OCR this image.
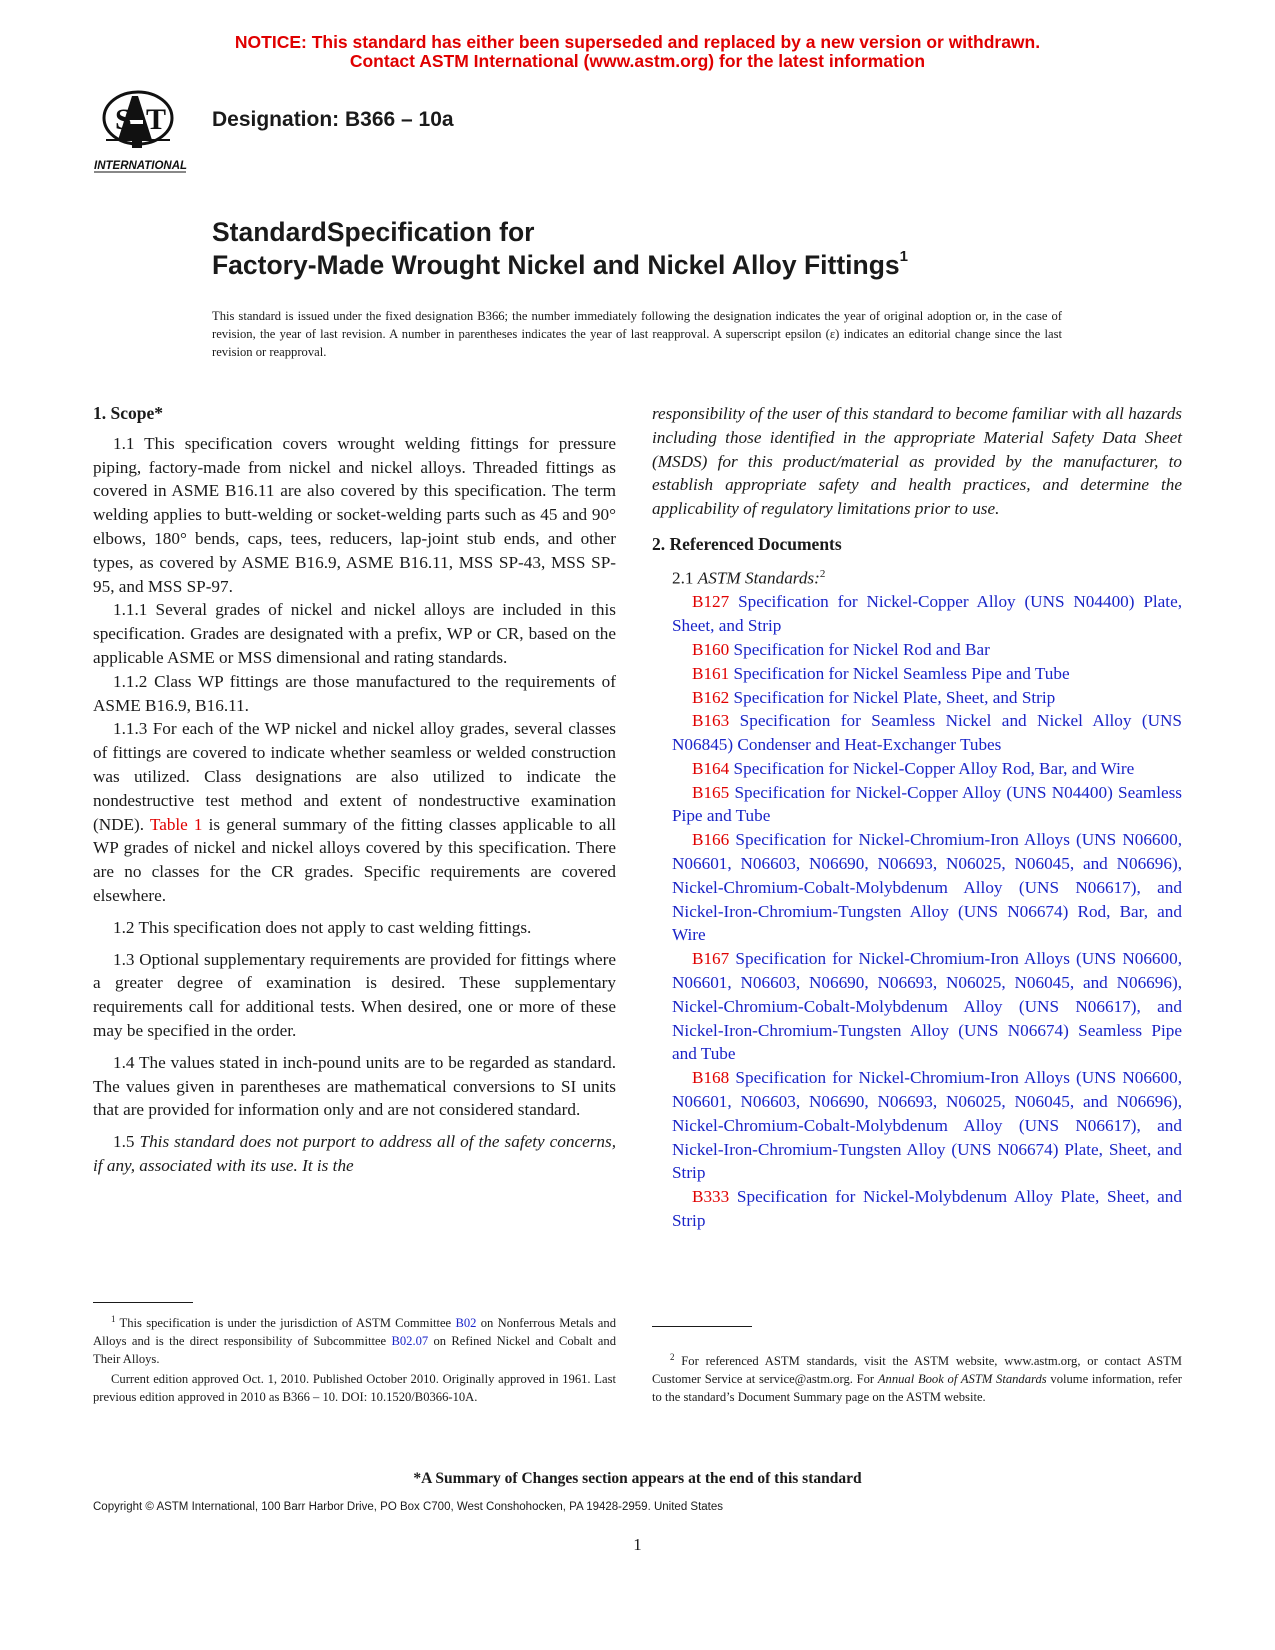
NOTICE: This standard has either been superseded and replaced by a new version or withdrawn.
Contact ASTM International (www.astm.org) for the latest information
S T
INTERNATIONAL
Designation: B366 – 10a
StandardSpecification for
Factory-Made Wrought Nickel and Nickel Alloy Fittings$^1$
This standard is issued under the fixed designation B366; the number immediately following the designation indicates the year of original adoption or, in the case of revision, the year of last revision. A number in parentheses indicates the year of last reapproval. A superscript epsilon (ε) indicates an editorial change since the last revision or reapproval.
1. Scope*

1.1 This specification covers wrought welding fittings for pressure piping, factory-made from nickel and nickel alloys. Threaded fittings as covered in ASME B16.11 are also covered by this specification. The term welding applies to butt-welding or socket-welding parts such as 45 and 90° elbows, 180° bends, caps, tees, reducers, lap-joint stub ends, and other types, as covered by ASME B16.9, ASME B16.11, MSS SP-43, MSS SP-95, and MSS SP-97.

1.1.1 Several grades of nickel and nickel alloys are included in this specification. Grades are designated with a prefix, WP or CR, based on the applicable ASME or MSS dimensional and rating standards.

1.1.2 Class WP fittings are those manufactured to the requirements of ASME B16.9, B16.11.

1.1.3 For each of the WP nickel and nickel alloy grades, several classes of fittings are covered to indicate whether seamless or welded construction was utilized. Class designations are also utilized to indicate the nondestructive test method and extent of nondestructive examination (NDE). Table 1 is general summary of the fitting classes applicable to all WP grades of nickel and nickel alloys covered by this specification. There are no classes for the CR grades. Specific requirements are covered elsewhere.

1.2 This specification does not apply to cast welding fittings.

1.3 Optional supplementary requirements are provided for fittings where a greater degree of examination is desired. These supplementary requirements call for additional tests. When desired, one or more of these may be specified in the order.

1.4 The values stated in inch-pound units are to be regarded as standard. The values given in parentheses are mathematical conversions to SI units that are provided for information only and are not considered standard.

1.5 This standard does not purport to address all of the safety concerns, if any, associated with its use. It is the

responsibility of the user of this standard to become familiar with all hazards including those identified in the appropriate Material Safety Data Sheet (MSDS) for this product/material as provided by the manufacturer, to establish appropriate safety and health practices, and determine the applicability of regulatory limitations prior to use.

2. Referenced Documents

2.1 ASTM Standards:$^2$

B127 Specification for Nickel-Copper Alloy (UNS N04400) Plate, Sheet, and Strip

B160 Specification for Nickel Rod and Bar

B161 Specification for Nickel Seamless Pipe and Tube

B162 Specification for Nickel Plate, Sheet, and Strip

B163 Specification for Seamless Nickel and Nickel Alloy (UNS N06845) Condenser and Heat-Exchanger Tubes

B164 Specification for Nickel-Copper Alloy Rod, Bar, and Wire

B165 Specification for Nickel-Copper Alloy (UNS N04400) Seamless Pipe and Tube

B166 Specification for Nickel-Chromium-Iron Alloys (UNS N06600, N06601, N06603, N06690, N06693, N06025, N06045, and N06696), Nickel-Chromium-Cobalt-Molybdenum Alloy (UNS N06617), and Nickel-Iron-Chromium-Tungsten Alloy (UNS N06674) Rod, Bar, and Wire

B167 Specification for Nickel-Chromium-Iron Alloys (UNS N06600, N06601, N06603, N06690, N06693, N06025, N06045, and N06696), Nickel-Chromium-Cobalt-Molybdenum Alloy (UNS N06617), and Nickel-Iron-Chromium-Tungsten Alloy (UNS N06674) Seamless Pipe and Tube

B168 Specification for Nickel-Chromium-Iron Alloys (UNS N06600, N06601, N06603, N06690, N06693, N06025, N06045, and N06696), Nickel-Chromium-Cobalt-Molybdenum Alloy (UNS N06617), and Nickel-Iron-Chromium-Tungsten Alloy (UNS N06674) Plate, Sheet, and Strip

B333 Specification for Nickel-Molybdenum Alloy Plate, Sheet, and Strip

$^1$ This specification is under the jurisdiction of ASTM Committee B02 on Nonferrous Metals and Alloys and is the direct responsibility of Subcommittee B02.07 on Refined Nickel and Cobalt and Their Alloys.

Current edition approved Oct. 1, 2010. Published October 2010. Originally approved in 1961. Last previous edition approved in 2010 as B366 – 10. DOI: 10.1520/B0366-10A.

$^2$ For referenced ASTM standards, visit the ASTM website, www.astm.org, or contact ASTM Customer Service at service@astm.org. For Annual Book of ASTM Standards volume information, refer to the standard’s Document Summary page on the ASTM website.

*A Summary of Changes section appears at the end of this standard
Copyright © ASTM International, 100 Barr Harbor Drive, PO Box C700, West Conshohocken, PA 19428-2959. United States
1
